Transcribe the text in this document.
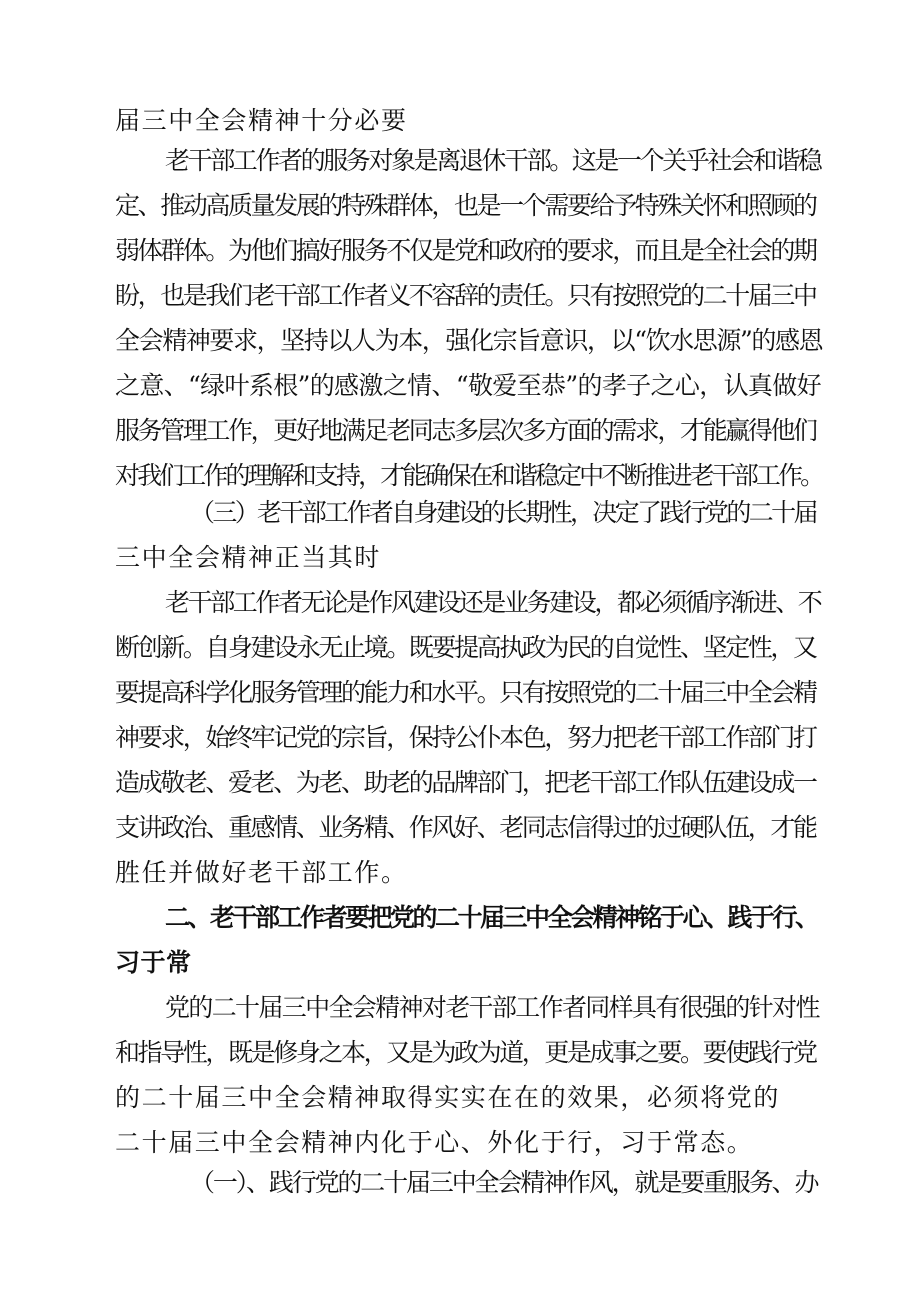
届三中全会精神十分必要
老干部工作者的服务对象是离退休干部。这是一个关乎社会和谐稳
定、推动高质量发展的特殊群体，也是一个需要给予特殊关怀和照顾的
弱体群体。为他们搞好服务不仅是党和政府的要求，而且是全社会的期
盼，也是我们老干部工作者义不容辞的责任。只有按照党的二十届三中
全会精神要求，坚持以人为本，强化宗旨意识，以“饮水思源”的感恩
之意、“绿叶系根”的感激之情、“敬爱至恭”的孝子之心，认真做好
服务管理工作，更好地满足老同志多层次多方面的需求，才能赢得他们
对我们工作的理解和支持，才能确保在和谐稳定中不断推进老干部工作。
（三）老干部工作者自身建设的长期性，决定了践行党的二十届
三中全会精神正当其时
老干部工作者无论是作风建设还是业务建设，都必须循序渐进、不
断创新。自身建设永无止境。既要提高执政为民的自觉性、坚定性，又
要提高科学化服务管理的能力和水平。只有按照党的二十届三中全会精
神要求，始终牢记党的宗旨，保持公仆本色，努力把老干部工作部门打
造成敬老、爱老、为老、助老的品牌部门，把老干部工作队伍建设成一
支讲政治、重感情、业务精、作风好、老同志信得过的过硬队伍，才能
胜任并做好老干部工作。
二、老干部工作者要把党的二十届三中全会精神铭于心、践于行、
习于常
党的二十届三中全会精神对老干部工作者同样具有很强的针对性
和指导性，既是修身之本，又是为政为道，更是成事之要。要使践行党
的二十届三中全会精神取得实实在在的效果，必须将党的
二十届三中全会精神内化于心、外化于行，习于常态。
（一）、践行党的二十届三中全会精神作风，就是要重服务、办
